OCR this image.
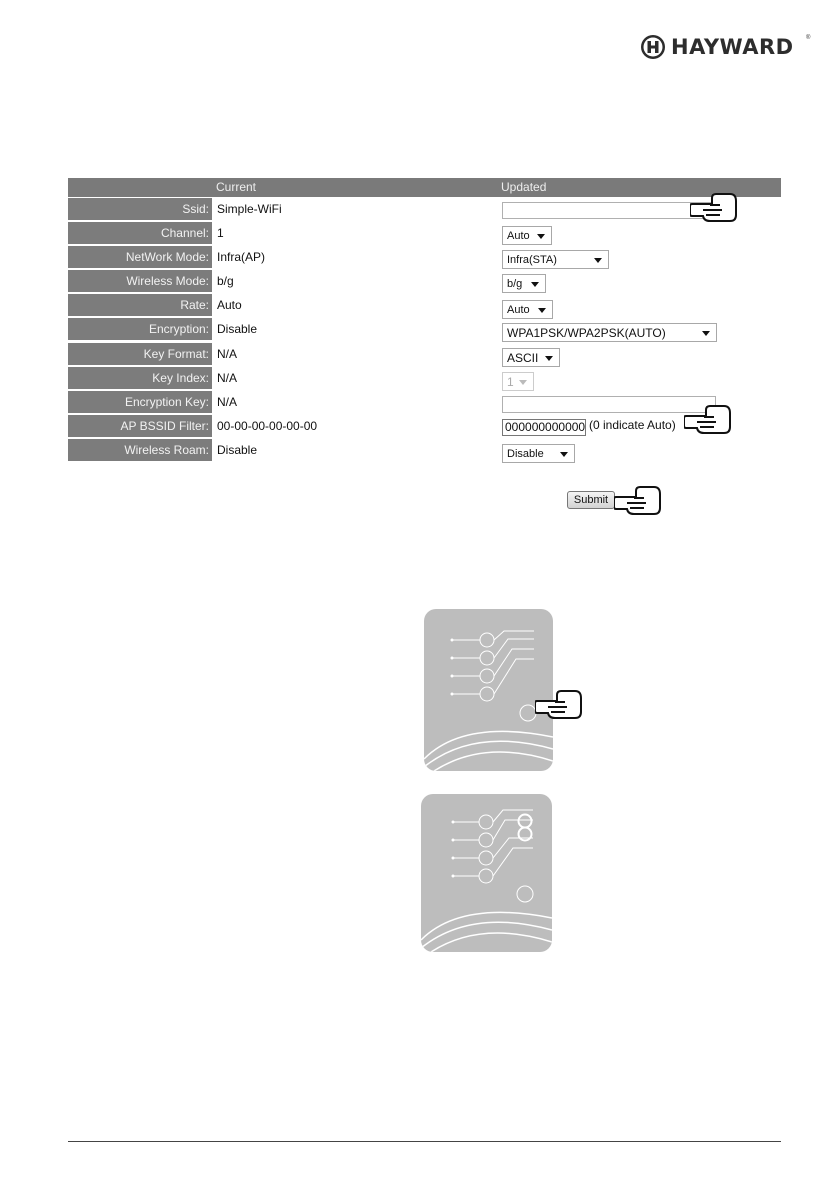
HAYWARD ®
Current	Updated
Ssid: Simple-WiFi
Channel: 1	Auto
NetWork Mode: Infra(AP)	Infra(STA)
Wireless Mode: b/g	b/g
Rate: Auto	Auto
Encryption: Disable	WPA1PSK/WPA2PSK(AUTO)
Key Format: N/A	ASCII
Key Index: N/A	1
Encryption Key: N/A
AP BSSID Filter: 00-00-00-00-00-00	000000000000 (0 indicate Auto)
Wireless Roam: Disable	Disable
Submit
